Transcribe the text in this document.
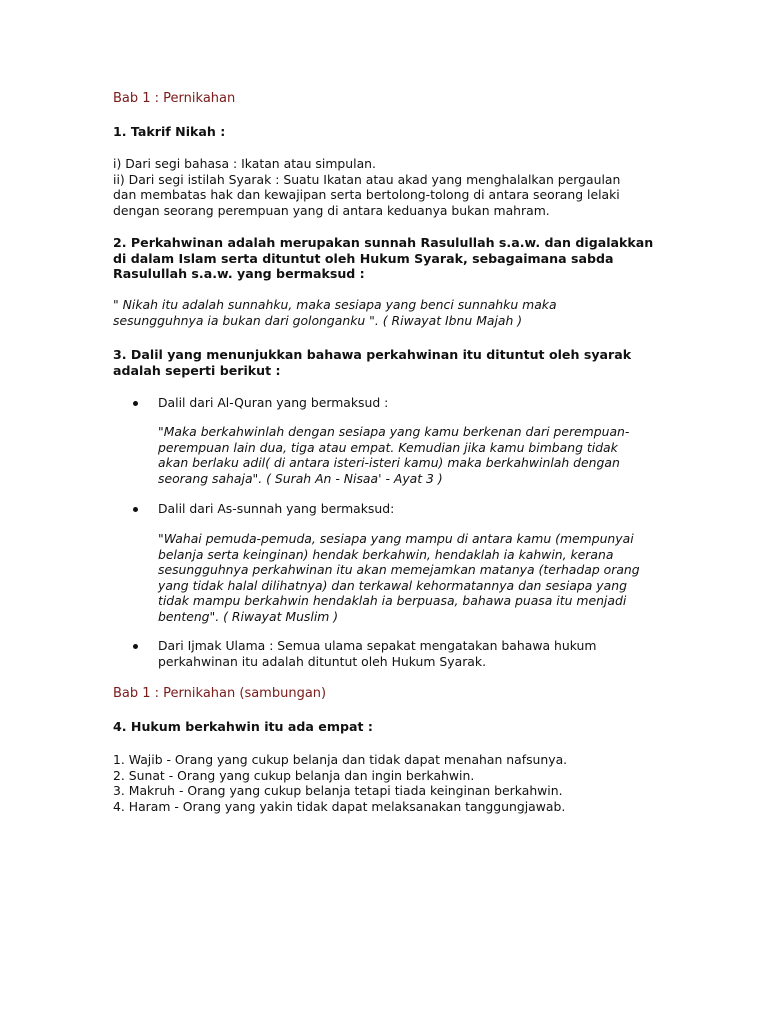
Bab 1 : Pernikahan
1. Takrif Nikah :
i) Dari segi bahasa : Ikatan atau simpulan.
ii) Dari segi istilah Syarak : Suatu Ikatan atau akad yang menghalalkan pergaulan
dan membatas hak dan kewajipan serta bertolong-tolong di antara seorang lelaki
dengan seorang perempuan yang di antara keduanya bukan mahram.
2. Perkahwinan adalah merupakan sunnah Rasulullah s.a.w. dan digalakkan
di dalam Islam serta dituntut oleh Hukum Syarak, sebagaimana sabda
Rasulullah s.a.w. yang bermaksud :
" Nikah itu adalah sunnahku, maka sesiapa yang benci sunnahku maka
sesungguhnya ia bukan dari golonganku ". ( Riwayat Ibnu Majah )
3. Dalil yang menunjukkan bahawa perkahwinan itu dituntut oleh syarak
adalah seperti berikut :
Dalil dari Al-Quran yang bermaksud :
"Maka berkahwinlah dengan sesiapa yang kamu berkenan dari perempuan-
perempuan lain dua, tiga atau empat. Kemudian jika kamu bimbang tidak
akan berlaku adil( di antara isteri-isteri kamu) maka berkahwinlah dengan
seorang sahaja". ( Surah An - Nisaa' - Ayat 3 )
Dalil dari As-sunnah yang bermaksud:
"Wahai pemuda-pemuda, sesiapa yang mampu di antara kamu (mempunyai
belanja serta keinginan) hendak berkahwin, hendaklah ia kahwin, kerana
sesungguhnya perkahwinan itu akan memejamkan matanya (terhadap orang
yang tidak halal dilihatnya) dan terkawal kehormatannya dan sesiapa yang
tidak mampu berkahwin hendaklah ia berpuasa, bahawa puasa itu menjadi
benteng". ( Riwayat Muslim )
Dari Ijmak Ulama : Semua ulama sepakat mengatakan bahawa hukum
perkahwinan itu adalah dituntut oleh Hukum Syarak.
Bab 1 : Pernikahan (sambungan)
4. Hukum berkahwin itu ada empat :
1. Wajib - Orang yang cukup belanja dan tidak dapat menahan nafsunya.
2. Sunat - Orang yang cukup belanja dan ingin berkahwin.
3. Makruh - Orang yang cukup belanja tetapi tiada keinginan berkahwin.
4. Haram - Orang yang yakin tidak dapat melaksanakan tanggungjawab.
